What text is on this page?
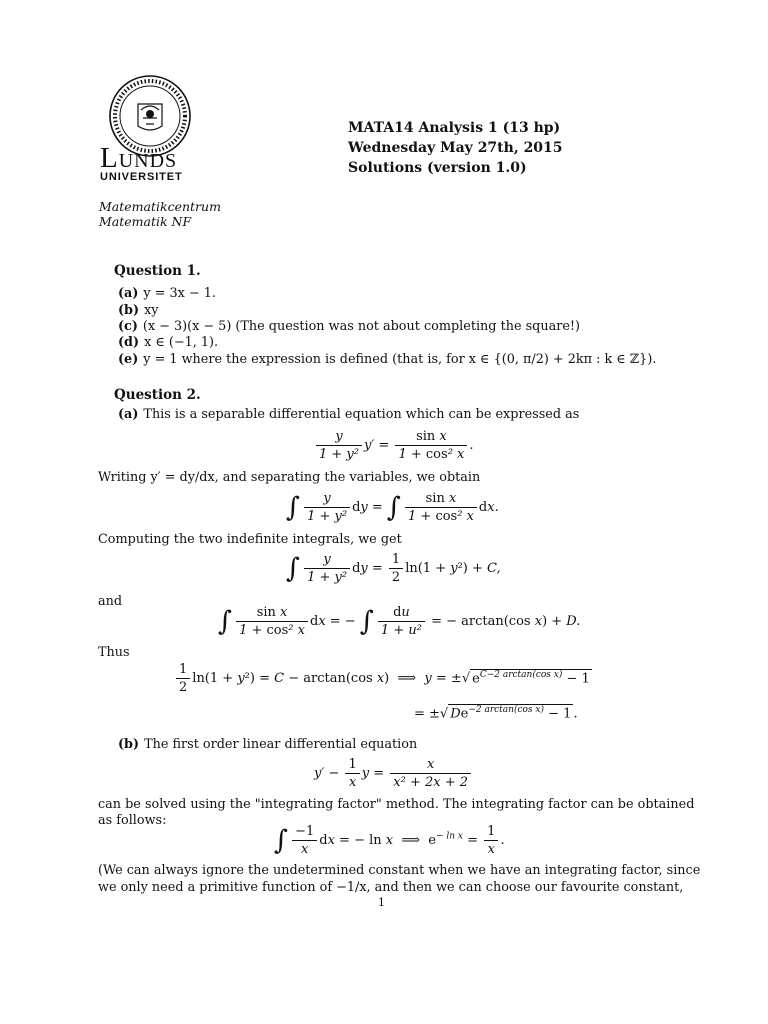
Lunds
UNIVERSITET
MATA14 Analysis 1 (13 hp)
Wednesday May 27th, 2015
Solutions (version 1.0)
Matematikcentrum
Matematik NF
Question 1.
(a) y = 3x − 1.
(b) xy
(c) (x − 3)(x − 5) (The question was not about completing the square!)
(d) x ∈ (−1, 1).
(e) y = 1 where the expression is defined (that is, for x ∈ {(0, π/2) + 2kπ : k ∈ ℤ}).
Question 2.
(a) This is a separable differential equation which can be expressed as
$\frac{y}{\text{1 + y²}} y' = \frac{\text{sin x}}{\text{1 + cos² x}}$ .
Writing y′ = dy/dx, and separating the variables, we obtain
∫ $\frac{y}{\text{1 + y²}}$ dy = ∫ $\frac{\text{sin x}}{\text{1 + cos² x}}$ dx.
Computing the two indefinite integrals, we get
∫ $\frac{y}{\text{1 + y²}}$ dy = $\frac{1}{2} \ln(1 + y^2) + C$,
and
∫ $\frac{\text{sin x}}{\text{1 + cos² x}}$ dx = − ∫ $\frac{du}{\text{1 + u²}}$ = − arctan(cos x) + D.
Thus
$\frac{1}{2} \ln(1 + y^2) = C - \arctan(\cos$ x)  ⟹  y = ±√ $e^{C-2 arctan(cos x)} - 1$
= ±√ $De^{-2 arctan(cos x)} - 1$ .
(b) The first order linear differential equation
$y' - \frac{1}{x}$ $y = \frac{x}{\text{x² + 2x + 2}}$
can be solved using the "integrating factor" method. The integrating factor can be obtained
as follows:
∫ $\frac{-1}{x}$ dx = − ln x  ⟹  $e^{- ln x} = \frac{1}{x}$ .
(We can always ignore the undetermined constant when we have an integrating factor, since
we only need a primitive function of −1/x, and then we can choose our favourite constant,
1
